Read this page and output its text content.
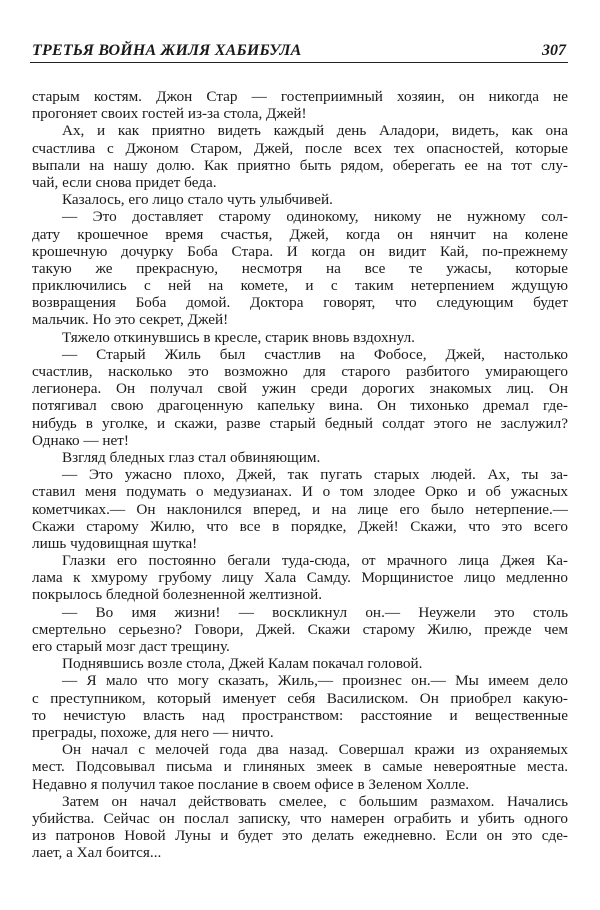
ТРЕТЬЯ ВОЙНА ЖИЛЯ ХАБИБУЛА	307
старым костям. Джон Стар — гостеприимный хозяин, он никогда не
прогоняет своих гостей из-за стола, Джей!
Ах, и как приятно видеть каждый день Аладори, видеть, как она
счастлива с Джоном Старом, Джей, после всех тех опасностей, которые
выпали на нашу долю. Как приятно быть рядом, оберегать ее на тот слу-
чай, если снова придет беда.
Казалось, его лицо стало чуть улыбчивей.
— Это доставляет старому одинокому, никому не нужному сол-
дату крошечное время счастья, Джей, когда он нянчит на колене
крошечную дочурку Боба Стара. И когда он видит Кай, по-прежнему
такую же прекрасную, несмотря на все те ужасы, которые
приключились с ней на комете, и с таким нетерпением ждущую
возвращения Боба домой. Доктора говорят, что следующим будет
мальчик. Но это секрет, Джей!
Тяжело откинувшись в кресле, старик вновь вздохнул.
— Старый Жиль был счастлив на Фобосе, Джей, настолько
счастлив, насколько это возможно для старого разбитого умирающего
легионера. Он получал свой ужин среди дорогих знакомых лиц. Он
потягивал свою драгоценную капельку вина. Он тихонько дремал где-
нибудь в уголке, и скажи, разве старый бедный солдат этого не заслужил?
Однако — нет!
Взгляд бледных глаз стал обвиняющим.
— Это ужасно плохо, Джей, так пугать старых людей. Ах, ты за-
ставил меня подумать о медузианах. И о том злодее Орко и об ужасных
кометчиках.— Он наклонился вперед, и на лице его было нетерпение.—
Скажи старому Жилю, что все в порядке, Джей! Скажи, что это всего
лишь чудовищная шутка!
Глазки его постоянно бегали туда-сюда, от мрачного лица Джея Ка-
лама к хмурому грубому лицу Хала Самду. Морщинистое лицо медленно
покрылось бледной болезненной желтизной.
— Во имя жизни! — воскликнул он.— Неужели это столь
смертельно серьезно? Говори, Джей. Скажи старому Жилю, прежде чем
его старый мозг даст трещину.
Поднявшись возле стола, Джей Калам покачал головой.
— Я мало что могу сказать, Жиль,— произнес он.— Мы имеем дело
с преступником, который именует себя Василиском. Он приобрел какую-
то нечистую власть над пространством: расстояние и вещественные
преграды, похоже, для него — ничто.
Он начал с мелочей года два назад. Совершал кражи из охраняемых
мест. Подсовывал письма и глиняных змеек в самые невероятные места.
Недавно я получил такое послание в своем офисе в Зеленом Холле.
Затем он начал действовать смелее, с большим размахом. Начались
убийства. Сейчас он послал записку, что намерен ограбить и убить одного
из патронов Новой Луны и будет это делать ежедневно. Если он это сде-
лает, а Хал боится...
